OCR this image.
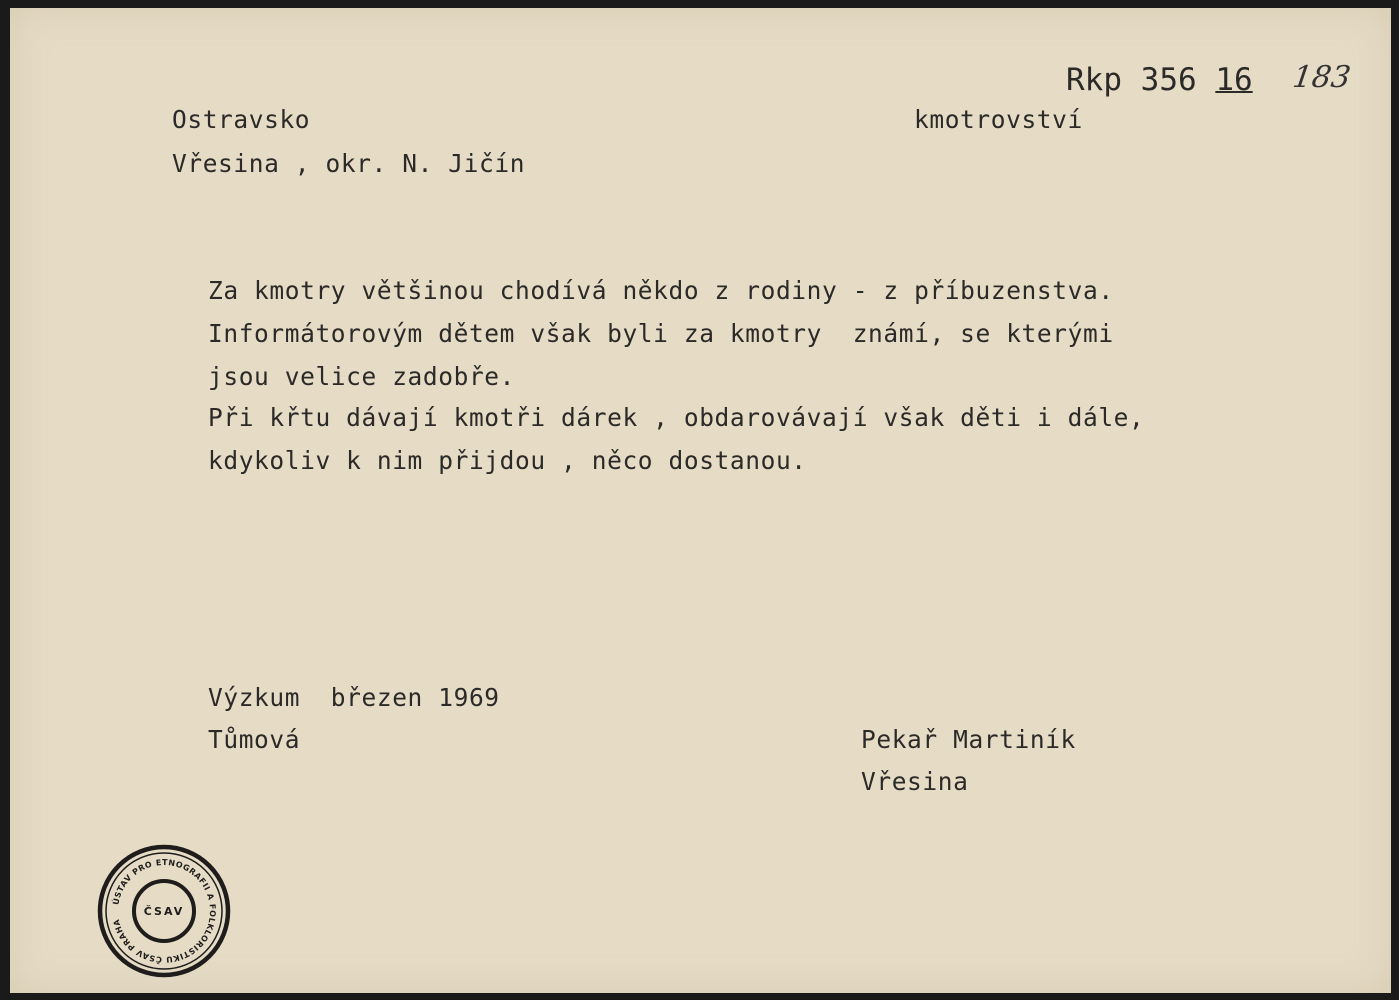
Rkp 356 16 183
Ostravsko	kmotrovství
Vřesina , okr. N. Jičín
Za kmotry většinou chodívá někdo z rodiny - z příbuzenstva.
Informátorovým dětem však byli za kmotry  známí, se kterými
jsou velice zadobře.
Při křtu dávají kmotři dárek , obdarovávají však děti i dále,
kdykoliv k nim přijdou , něco dostanou.
Výzkum  březen 1969
Tůmová	Pekař Martiník
Vřesina
ÚSTAV PRO ETNOGRAFII A FOLKLORISTIKU ČSAV PRAHA
ČSAV
